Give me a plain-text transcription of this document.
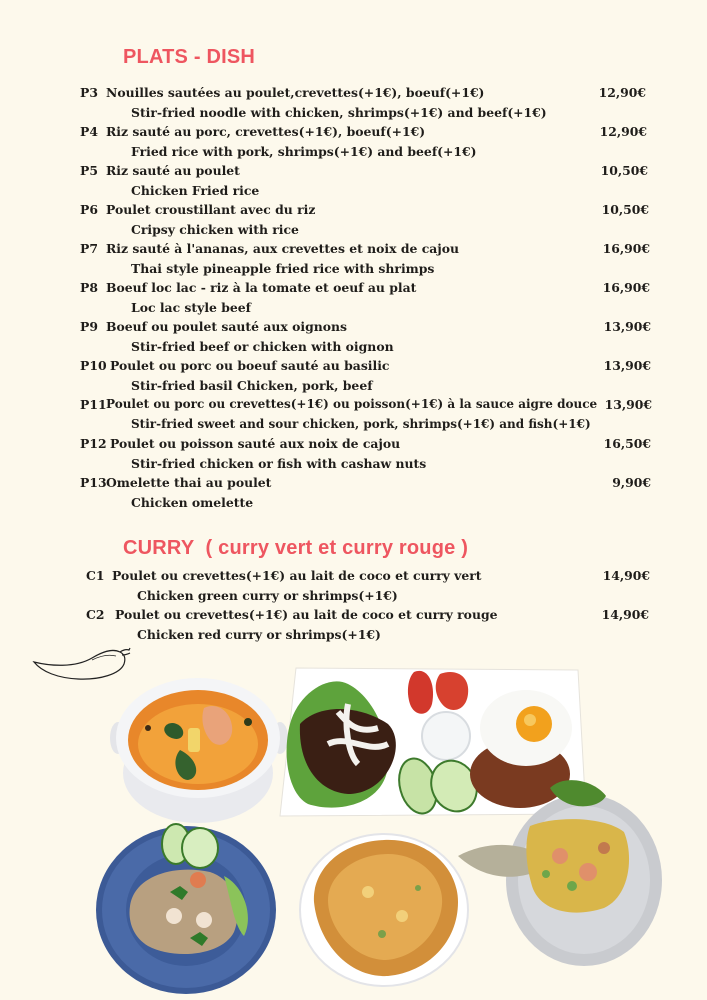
PLATS - DISH
P3 Nouilles sautées au poulet,crevettes(+1€), boeuf(+1€)	12,90€
Stir-fried noodle with chicken, shrimps(+1€) and beef(+1€)
P4 Riz sauté au porc, crevettes(+1€), boeuf(+1€)	12,90€
Fried rice with pork, shrimps(+1€) and beef(+1€)
P5 Riz sauté au poulet	10,50€
Chicken Fried rice
P6 Poulet croustillant avec du riz	10,50€
Cripsy chicken with rice
P7 Riz sauté à l'ananas, aux crevettes et noix de cajou	16,90€
Thai style pineapple fried rice with shrimps
P8 Boeuf loc lac - riz à la tomate et oeuf au plat	16,90€
Loc lac style beef
P9 Boeuf ou poulet sauté aux oignons	13,90€
Stir-fried beef or chicken with oignon
P10 Poulet ou porc ou boeuf sauté au basilic	13,90€
Stir-fried basil Chicken, pork, beef
P11 Poulet ou porc ou crevettes(+1€) ou poisson(+1€) à la sauce aigre douce 13,90€
Stir-fried sweet and sour chicken, pork, shrimps(+1€) and fish(+1€)
P12 Poulet ou poisson sauté aux noix de cajou	16,50€
Stir-fried chicken or fish with cashaw nuts
P13 Omelette thai au poulet	9,90€
Chicken omelette
CURRY  ( curry vert et curry rouge )
C1 Poulet ou crevettes(+1€) au lait de coco et curry vert	14,90€
Chicken green curry or shrimps(+1€)
C2 Poulet ou crevettes(+1€) au lait de coco et curry rouge	14,90€
Chicken red curry or shrimps(+1€)
